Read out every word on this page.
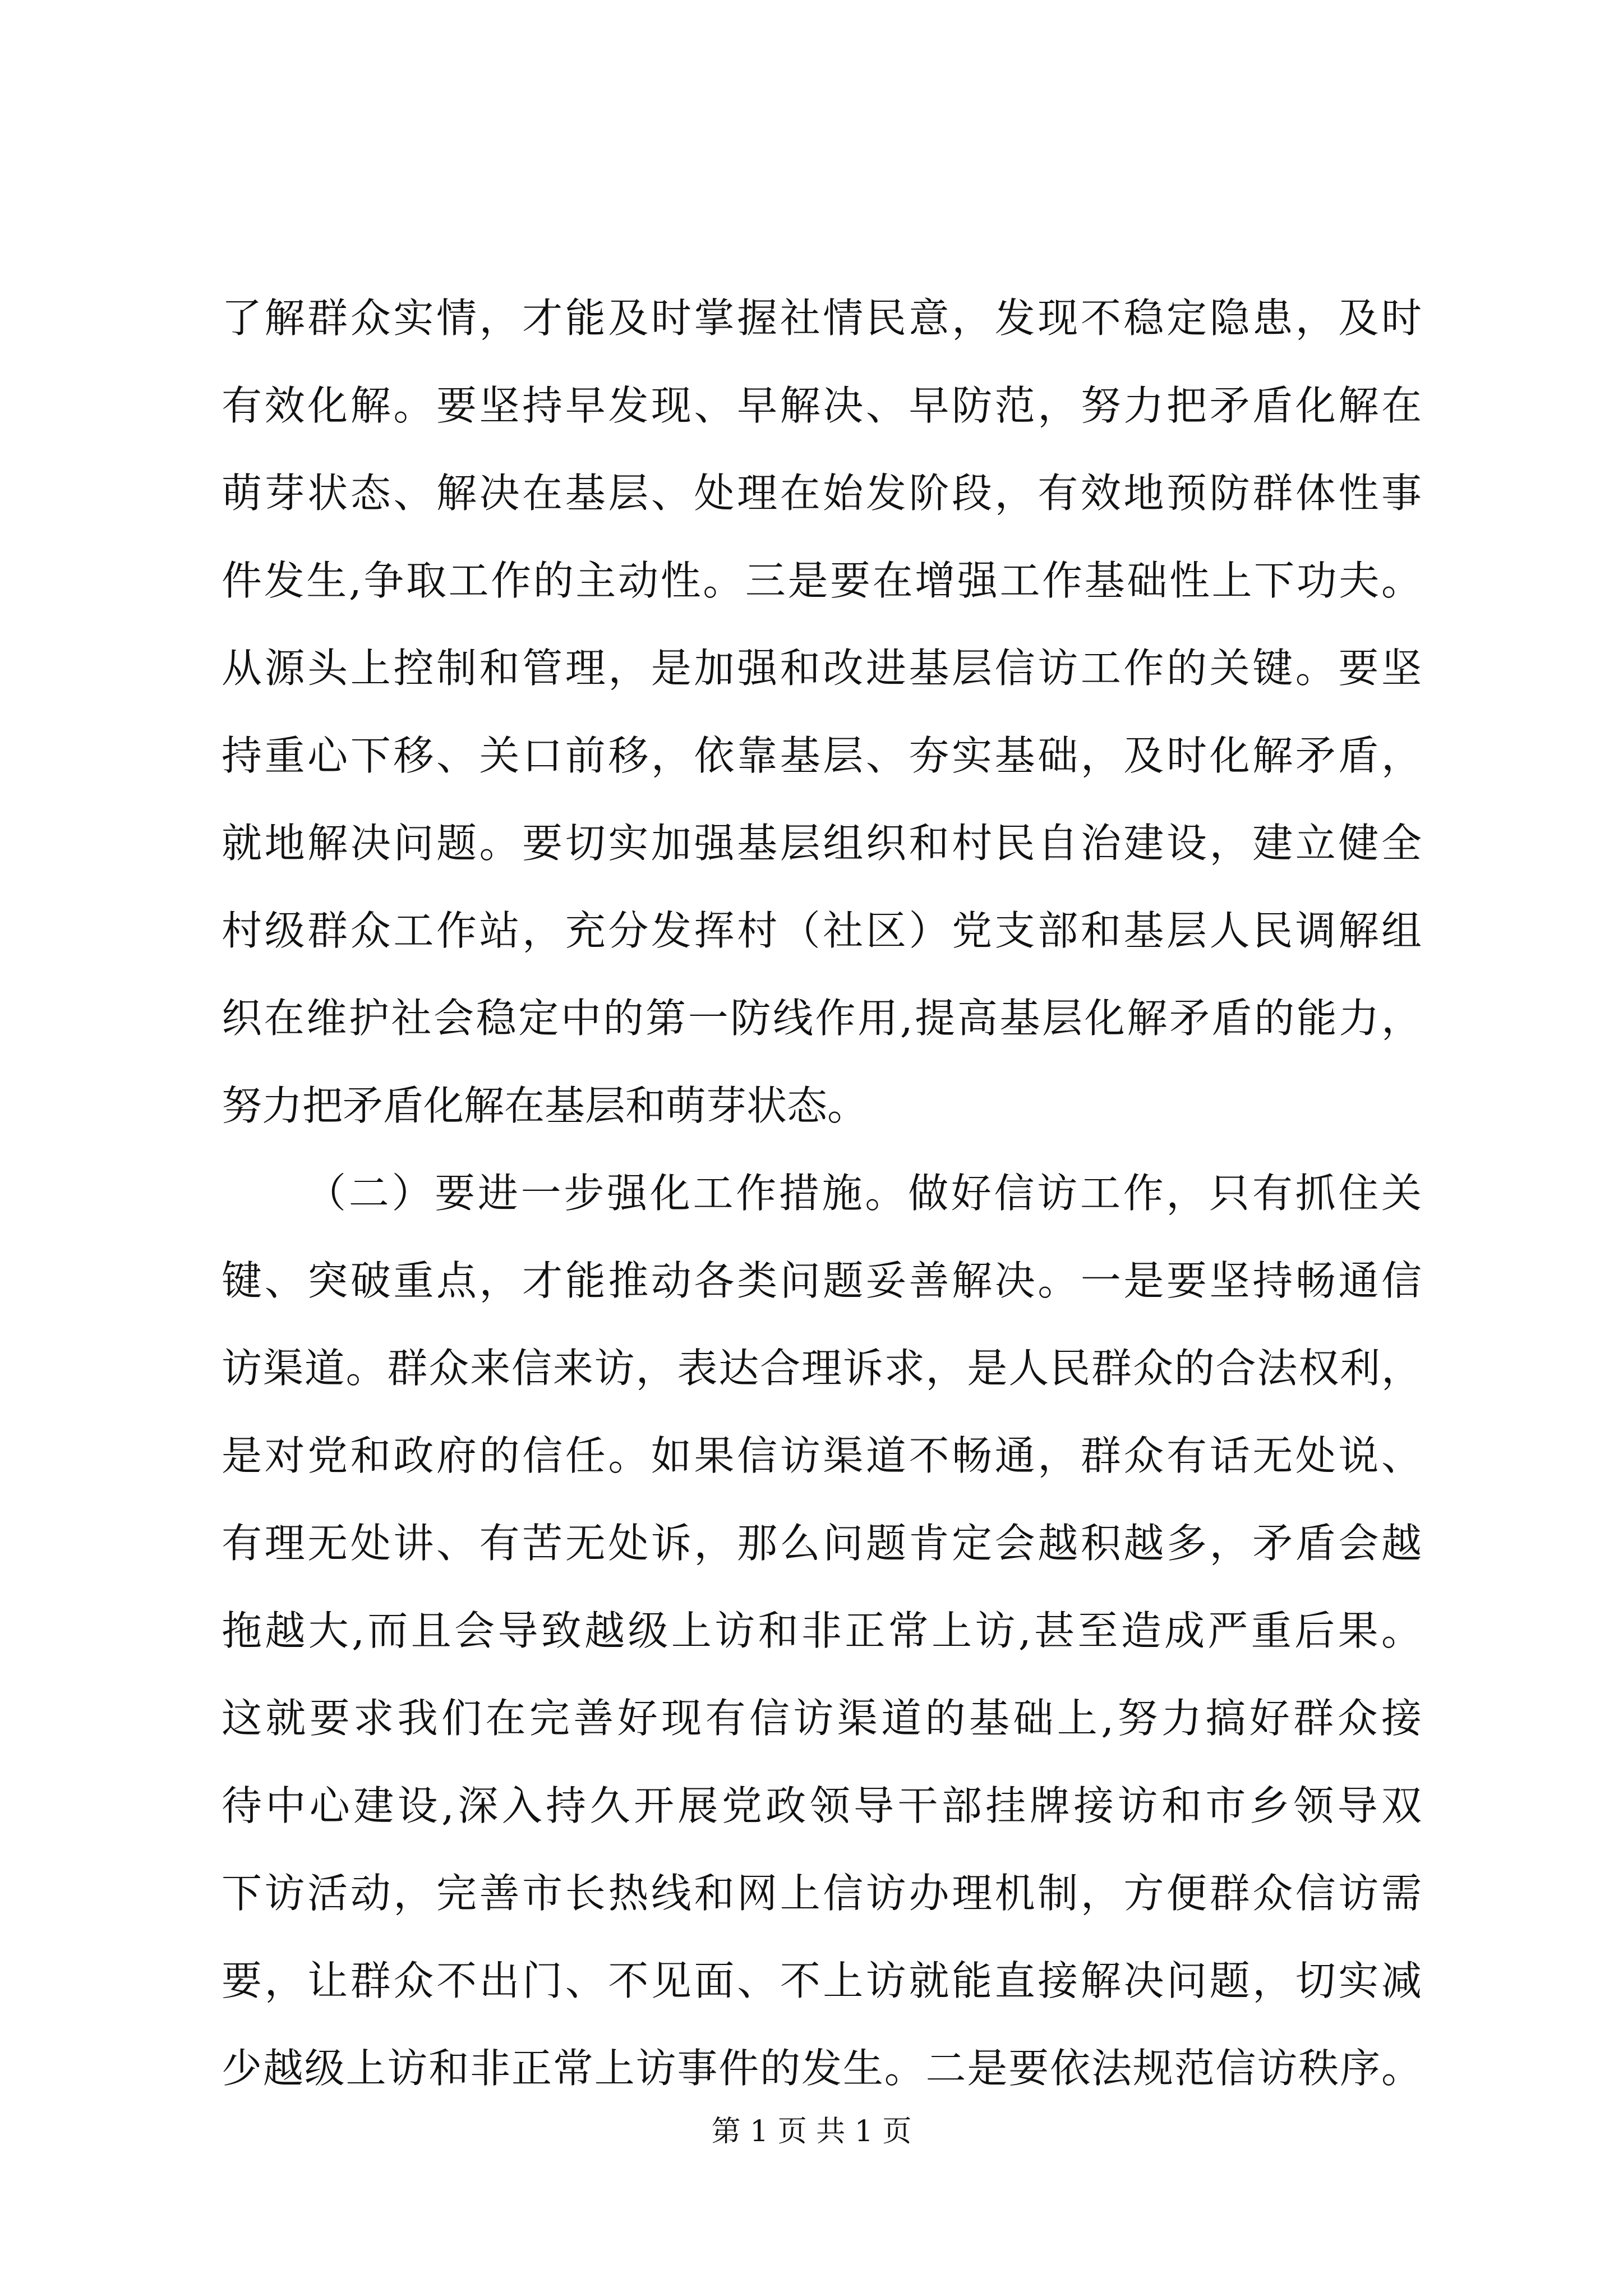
了解群众实情，才能及时掌握社情民意，发现不稳定隐患，及时
有效化解。要坚持早发现、早解决、早防范，努力把矛盾化解在
萌芽状态、解决在基层、处理在始发阶段，有效地预防群体性事
件发生,争取工作的主动性。三是要在增强工作基础性上下功夫。
从源头上控制和管理，是加强和改进基层信访工作的关键。要坚
持重心下移、关口前移，依靠基层、夯实基础，及时化解矛盾，
就地解决问题。要切实加强基层组织和村民自治建设，建立健全
村级群众工作站，充分发挥村（社区）党支部和基层人民调解组
织在维护社会稳定中的第一防线作用,提高基层化解矛盾的能力，
努力把矛盾化解在基层和萌芽状态。
（二）要进一步强化工作措施。做好信访工作，只有抓住关
键、突破重点，才能推动各类问题妥善解决。一是要坚持畅通信
访渠道。群众来信来访，表达合理诉求，是人民群众的合法权利，
是对党和政府的信任。如果信访渠道不畅通，群众有话无处说、
有理无处讲、有苦无处诉，那么问题肯定会越积越多，矛盾会越
拖越大,而且会导致越级上访和非正常上访,甚至造成严重后果。
这就要求我们在完善好现有信访渠道的基础上,努力搞好群众接
待中心建设,深入持久开展党政领导干部挂牌接访和市乡领导双
下访活动，完善市长热线和网上信访办理机制，方便群众信访需
要，让群众不出门、不见面、不上访就能直接解决问题，切实减
少越级上访和非正常上访事件的发生。二是要依法规范信访秩序。
第 1 页 共 1 页
